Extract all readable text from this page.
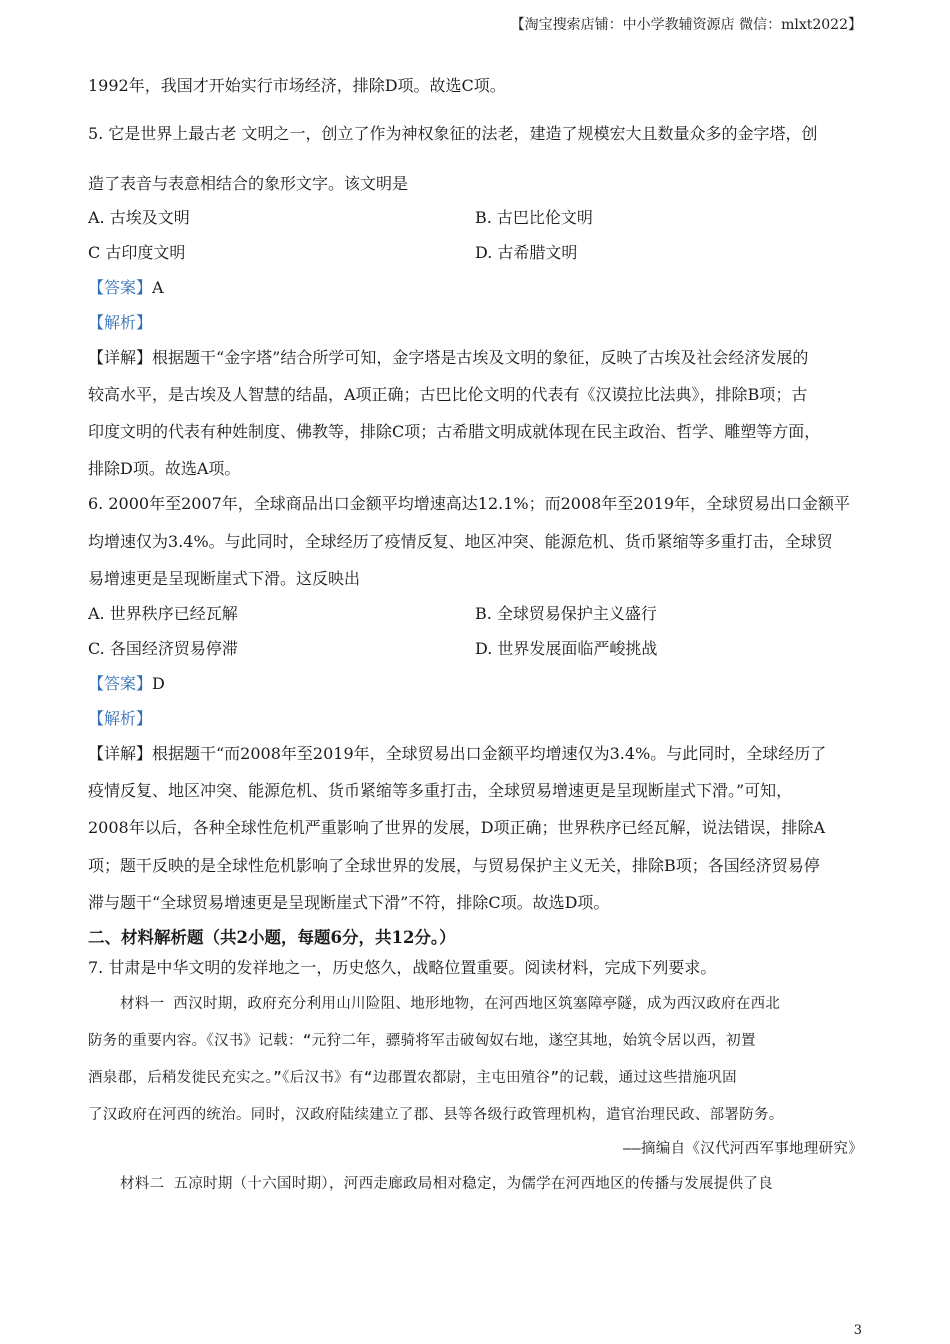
【淘宝搜索店铺：中小学教辅资源店 微信：mlxt2022】
1992年，我国才开始实行市场经济，排除D项。故选C项。
5. 它是世界上最古老 文明之一，创立了作为神权象征的法老，建造了规模宏大且数量众多的金字塔，创
造了表音与表意相结合的象形文字。该文明是
A. 古埃及文明	B. 古巴比伦文明
C 古印度文明	D. 古希腊文明
【答案】A
【解析】
【详解】根据题干“金字塔”结合所学可知，金字塔是古埃及文明的象征，反映了古埃及社会经济发展的
较高水平，是古埃及人智慧的结晶，A项正确；古巴比伦文明的代表有《汉谟拉比法典》，排除B项；古
印度文明的代表有种姓制度、佛教等，排除C项；古希腊文明成就体现在民主政治、哲学、雕塑等方面，
排除D项。故选A项。
6. 2000年至2007年，全球商品出口金额平均增速高达12.1%；而2008年至2019年，全球贸易出口金额平
均增速仅为3.4%。与此同时，全球经历了疫情反复、地区冲突、能源危机、货币紧缩等多重打击，全球贸
易增速更是呈现断崖式下滑。这反映出
A. 世界秩序已经瓦解	B. 全球贸易保护主义盛行
C. 各国经济贸易停滞	D. 世界发展面临严峻挑战
【答案】D
【解析】
【详解】根据题干“而2008年至2019年，全球贸易出口金额平均增速仅为3.4%。与此同时，全球经历了
疫情反复、地区冲突、能源危机、货币紧缩等多重打击，全球贸易增速更是呈现断崖式下滑。”可知，
2008年以后，各种全球性危机严重影响了世界的发展，D项正确；世界秩序已经瓦解，说法错误，排除A
项；题干反映的是全球性危机影响了全球世界的发展，与贸易保护主义无关，排除B项；各国经济贸易停
滞与题干“全球贸易增速更是呈现断崖式下滑”不符，排除C项。故选D项。
二、材料解析题（共2小题，每题6分，共12分。）
7. 甘肃是中华文明的发祥地之一，历史悠久，战略位置重要。阅读材料，完成下列要求。
材料一 西汉时期，政府充分利用山川险阻、地形地物，在河西地区筑塞障亭隧，成为西汉政府在西北
防务的重要内容。《汉书》记载：“元狩二年，骠骑将军击破匈奴右地，遂空其地，始筑令居以西，初置
酒泉郡，后稍发徙民充实之。”《后汉书》有“边郡置农都尉，主屯田殖谷”的记载，通过这些措施巩固
了汉政府在河西的统治。同时，汉政府陆续建立了郡、县等各级行政管理机构，遣官治理民政、部署防务。
——摘编自《汉代河西军事地理研究》
材料二 五凉时期（十六国时期），河西走廊政局相对稳定，为儒学在河西地区的传播与发展提供了良
3
